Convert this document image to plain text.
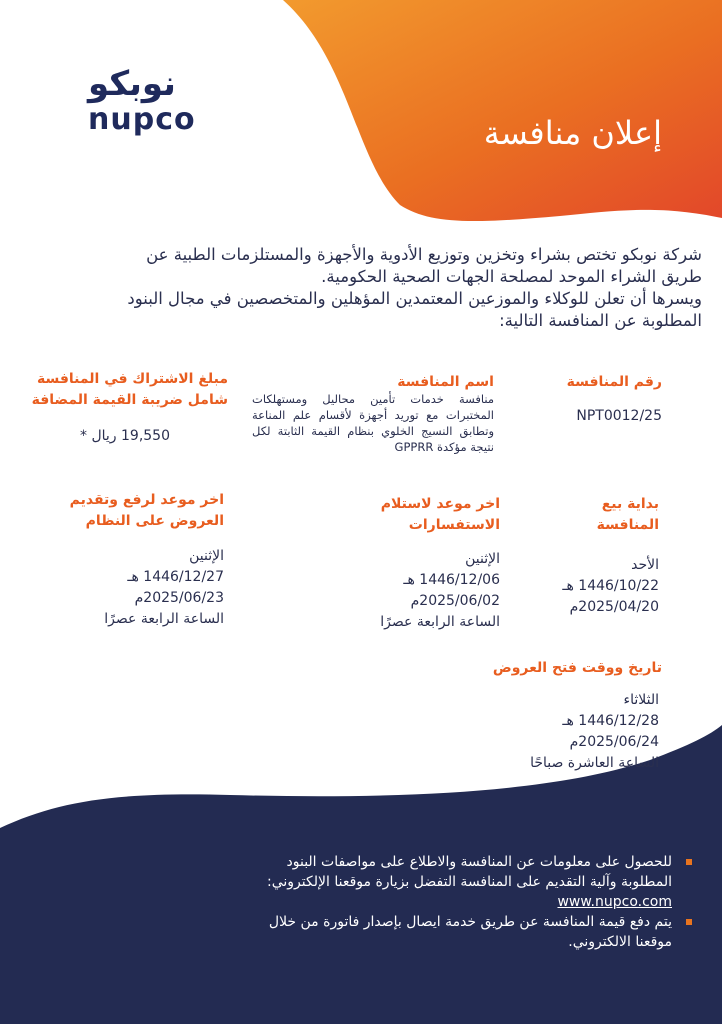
نوبكو
nupco	إعلان منافسة
شركة نوبكو تختص بشراء وتخزين وتوزيع الأدوية والأجهزة والمستلزمات الطبية عن
طريق الشراء الموحد لمصلحة الجهات الصحية الحكومية.
ويسرها أن تعلن للوكلاء والموزعين المعتمدين المؤهلين والمتخصصين في مجال البنود
المطلوبة عن المنافسة التالية:
رقم المنافسة
NPT0012/25
اسم المنافسة
منافسة خدمات تأمين محاليل ومستهلكات المختبرات مع توريد أجهزة لأقسام علم المناعة وتطابق النسيج الخلوي بنظام القيمة الثابتة لكل نتيجة مؤكدة GPPRR
مبلغ الاشتراك في المنافسة
شامل ضريبة القيمة المضافة
19,550 ريال *
بداية بيع
المنافسة
الأحد
1446/10/22 هـ
2025/04/20م
اخر موعد لاستلام
الاستفسارات
الإثنين
1446/12/06 هـ
2025/06/02م
الساعة الرابعة عصرًا
اخر موعد لرفع وتقديم
العروض على النظام
الإثنين
1446/12/27 هـ
2025/06/23م
الساعة الرابعة عصرًا
تاريخ ووقت فتح العروض
الثلاثاء
1446/12/28 هـ
2025/06/24م
الساعة العاشرة صباحًا
للحصول على معلومات عن المنافسة والاطلاع على مواصفات البنود
المطلوبة وآلية التقديم على المنافسة التفضل بزيارة موقعنا الإلكتروني:
www.nupco.com
يتم دفع قيمة المنافسة عن طريق خدمة ايصال بإصدار فاتورة من خلال
موقعنا الالكتروني.
